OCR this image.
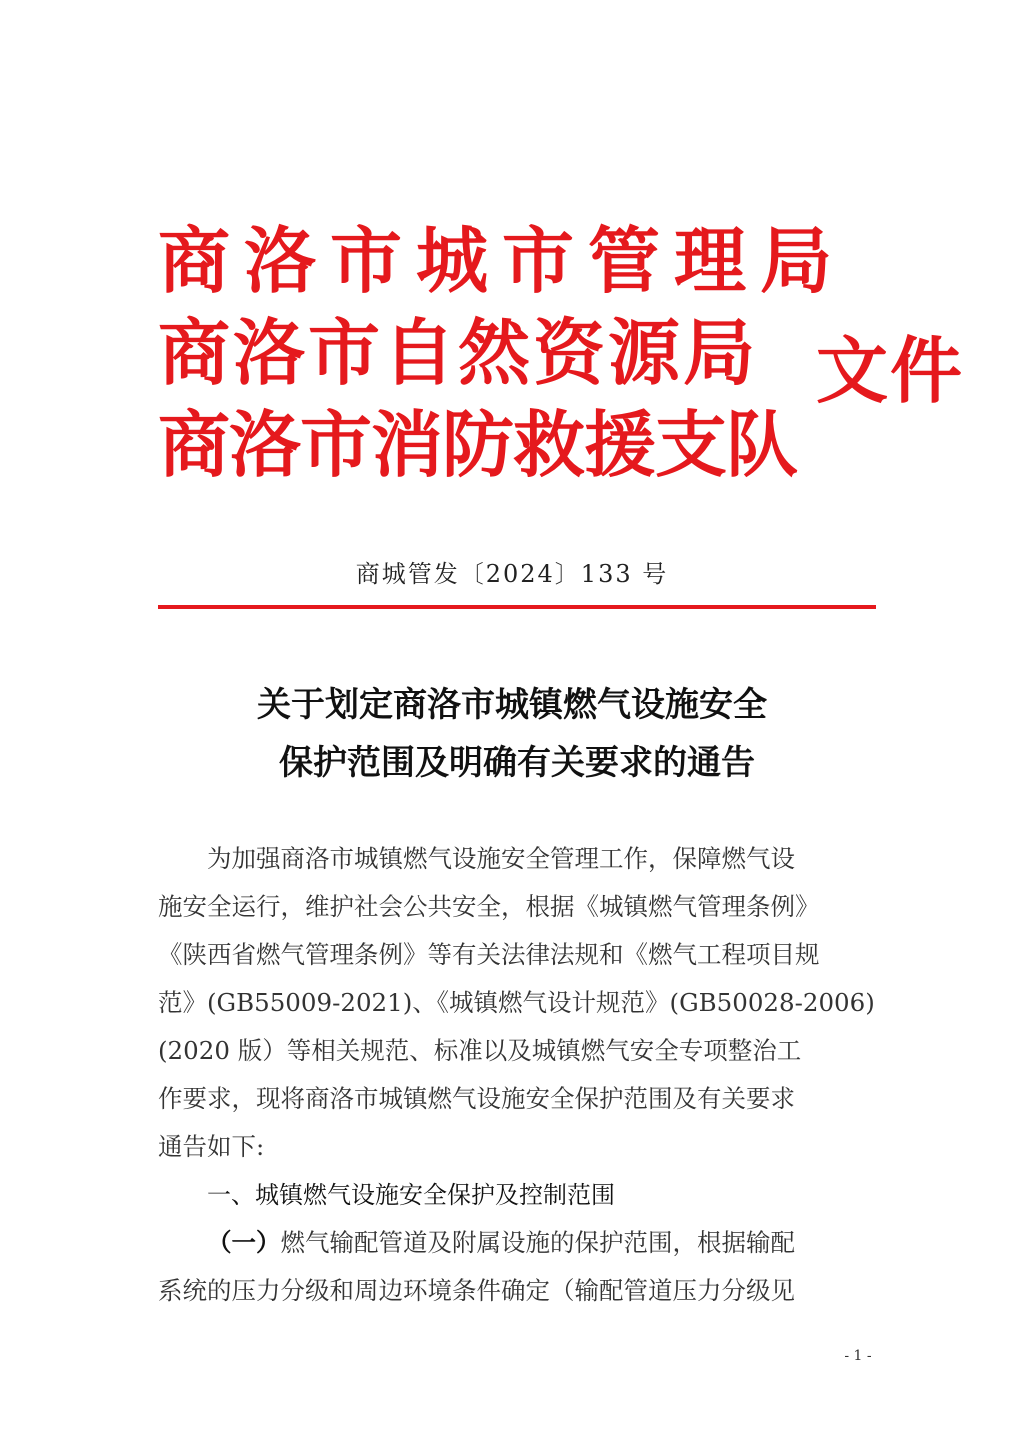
商洛市城市管理局
商洛市自然资源局
商洛市消防救援支队
文件
商城管发〔2024〕133 号
关于划定商洛市城镇燃气设施安全
保护范围及明确有关要求的通告

为加强商洛市城镇燃气设施安全管理工作，保障燃气设
施安全运行，维护社会公共安全，根据《城镇燃气管理条例》
《陕西省燃气管理条例》等有关法律法规和《燃气工程项目规
范》(GB55009-2021)、《城镇燃气设计规范》(GB50028-2006)
(2020 版）等相关规范、标准以及城镇燃气安全专项整治工
作要求，现将商洛市城镇燃气设施安全保护范围及有关要求
通告如下:

一、城镇燃气设施安全保护及控制范围

（一）燃气输配管道及附属设施的保护范围，根据输配
系统的压力分级和周边环境条件确定（输配管道压力分级见

- 1 -
